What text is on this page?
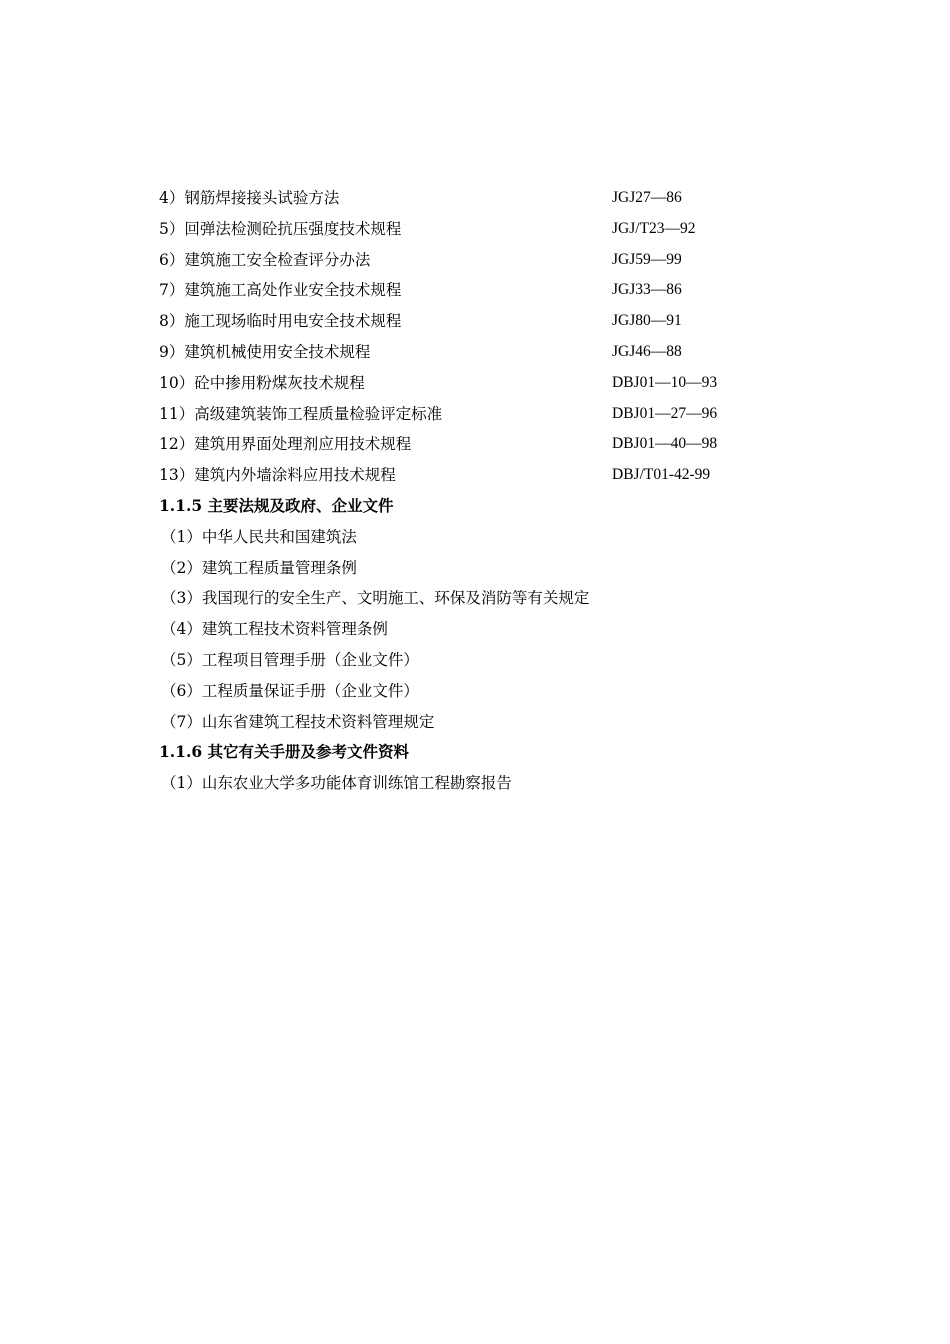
4）钢筋焊接接头试验方法	JGJ27—86
5）回弹法检测砼抗压强度技术规程	JGJ/T23—92
6）建筑施工安全检查评分办法	JGJ59—99
7）建筑施工高处作业安全技术规程	JGJ33—86
8）施工现场临时用电安全技术规程	JGJ80—91
9）建筑机械使用安全技术规程	JGJ46—88
10）砼中掺用粉煤灰技术规程	DBJ01—10—93
11）高级建筑装饰工程质量检验评定标准	DBJ01—27—96
12）建筑用界面处理剂应用技术规程	DBJ01—40—98
13）建筑内外墙涂料应用技术规程	DBJ/T01-42-99
1.1.5 主要法规及政府、企业文件
（1）中华人民共和国建筑法
（2）建筑工程质量管理条例
（3）我国现行的安全生产、文明施工、环保及消防等有关规定
（4）建筑工程技术资料管理条例
（5）工程项目管理手册（企业文件）
（6）工程质量保证手册（企业文件）
（7）山东省建筑工程技术资料管理规定
1.1.6 其它有关手册及参考文件资料
（1）山东农业大学多功能体育训练馆工程勘察报告
